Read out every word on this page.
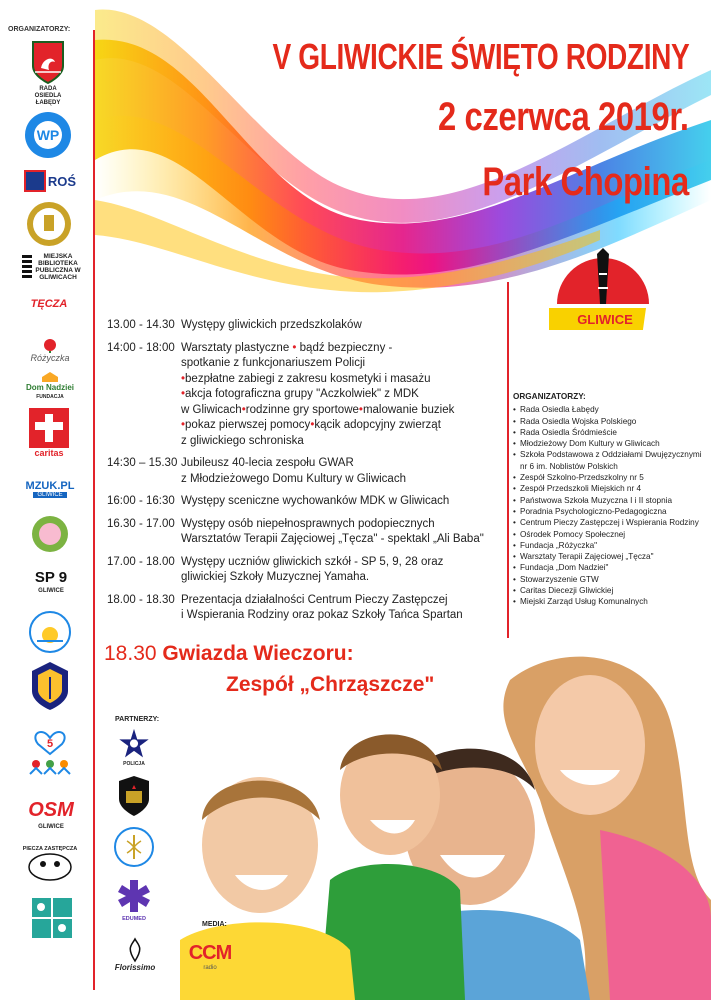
ORGANIZATORZY:
RADA OSIEDLA ŁABĘDY
WP
ROŚ
MIEJSKA BIBLIOTEKA PUBLICZNA W GLIWICACH
TĘCZA
Różyczka
Dom Nadziei
FUNDACJA
caritas
MZUK.PL
GLIWICE
SP 9
GLIWICE
5
OSM
GLIWICE
PIECZA ZASTĘPCZA
V GLIWICKIE ŚWIĘTO RODZINY
2 czerwca 2019r.
Park Chopina
GLIWICE
13.00 - 14.30 Występy gliwickich przedszkolaków
14:00 - 18:00 Warsztaty plastyczne • bądź bezpieczny -
spotkanie z funkcjonariuszem Policji
•bezpłatne zabiegi z zakresu kosmetyki i masażu
•akcja fotograficzna grupy "Aczkolwiek" z MDK
w Gliwicach•rodzinne gry sportowe•malowanie buziek
•pokaz pierwszej pomocy•kącik adopcyjny zwierząt
z gliwickiego schroniska
14:30 – 15.30 Jubileusz 40-lecia zespołu GWAR
z Młodzieżowego Domu Kultury w Gliwicach
16:00 - 16:30 Występy sceniczne wychowanków MDK w Gliwicach
16.30 - 17.00 Występy osób niepełnosprawnych podopiecznych
Warsztatów Terapii Zajęciowej „Tęcza" - spektakl „Ali Baba"
17.00 - 18.00 Występy uczniów gliwickich szkół - SP 5, 9, 28 oraz
gliwickiej Szkoły Muzycznej Yamaha.
18.00 - 18.30 Prezentacja działalności Centrum Pieczy Zastępczej
i Wspierania Rodziny oraz pokaz Szkoły Tańca Spartan
ORGANIZATORZY:
• Rada Osiedla Łabędy
• Rada Osiedla Wojska Polskiego
• Rada Osiedla Śródmieście
• Młodzieżowy Dom Kultury w Gliwicach
• Szkoła Podstawowa z Oddziałami Dwujęzycznymi nr 6 im. Noblistów Polskich
• Zespół Szkolno-Przedszkolny nr 5
• Zespół Przedszkoli Miejskich nr 4
• Państwowa Szkoła Muzyczna I i II stopnia
• Poradnia Psychologiczno-Pedagogiczna
• Centrum Pieczy Zastępczej i Wspierania Rodziny
• Ośrodek Pomocy Społecznej
• Fundacja „Różyczka"
• Warsztaty Terapii Zajęciowej „Tęcza"
• Fundacja „Dom Nadziei"
• Stowarzyszenie GTW
• Caritas Diecezji Gliwickiej
• Miejski Zarząd Usług Komunalnych
18.30 Gwiazda Wieczoru:
Zespół „Chrząszcze"
PARTNERZY:
POLICJA
EDUMED
Florissimo
MEDIA:
CCM
radio
